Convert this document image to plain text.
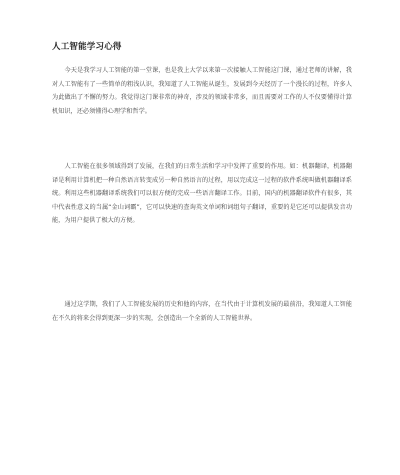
人工智能学习心得

今天是我学习人工智能的第一堂课，也是我上大学以来第一次接触人工智能这门课，通过老师的讲解，我对人工智能有了一些简单的粗浅认识，我知道了人工智能从诞生，发展到今天经历了一个漫长的过程，许多人为此做出了不懈的努力。我觉得这门课非常的神奇，涉及的领域非常多，而且需要对工作的人不仅要懂得计算机知识，还必须懂得心理学和哲学。

人工智能在很多领域得到了发展，在我们的日常生活和学习中发挥了重要的作用。如：机器翻译，机器翻译是利用计算机把一种自然语言转变成另一种自然语言的过程，用以完成这一过程的软件系统叫做机器翻译系统。利用这些机器翻译系统我们可以很方便的完成一些语言翻译工作。目前，国内的机器翻译软件有很多，其中代表性意义的当属“金山词霸”，它可以快速的查询英文单词和词组句子翻译，重要的是它还可以提供发音功能，为用户提供了极大的方便。

通过这学期，我们了人工智能发展的历史和他的内容，在当代由于计算机发展的最前沿，我知道人工智能在不久的将来会得到更深一步的实现，会创造出一个全新的人工智能世界。
